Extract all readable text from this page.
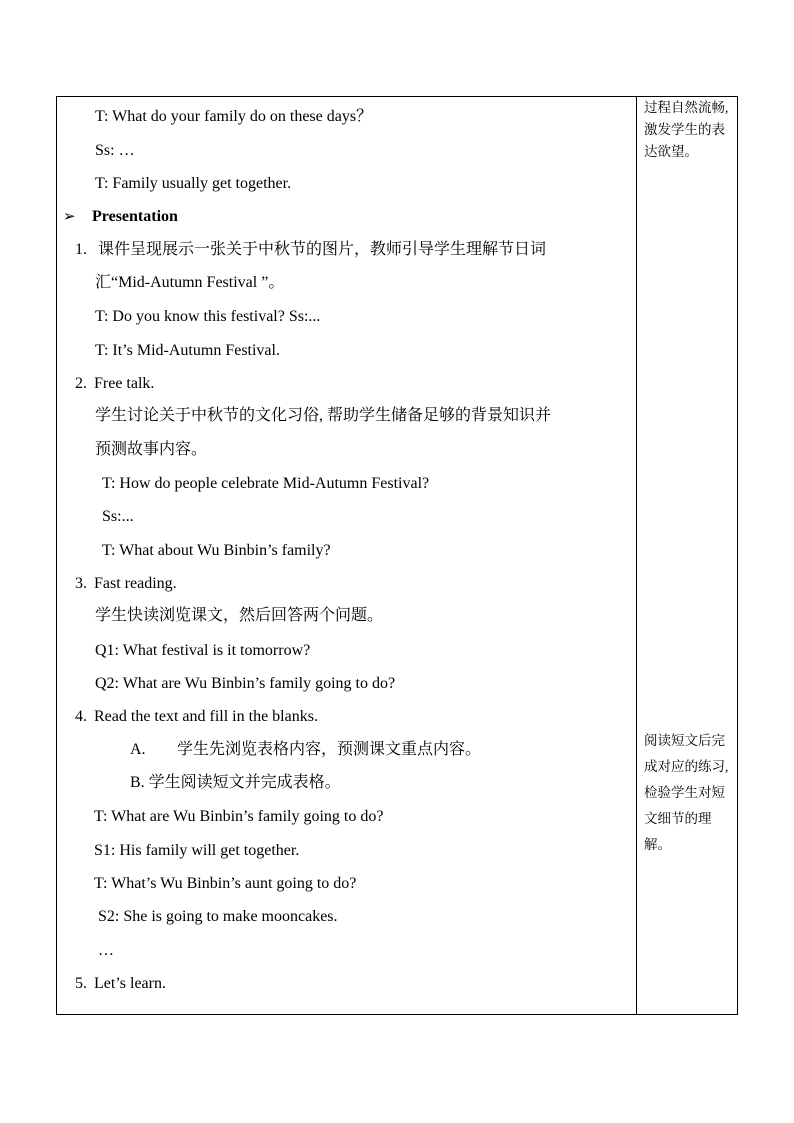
T: What do your family do on these days？
Ss: …
T: Family usually get together.
➢ Presentation
1. 课件呈现展示一张关于中秋节的图片，教师引导学生理解节日词
汇“Mid-Autumn Festival ”。
T: Do you know this festival? Ss:...
T: It’s Mid-Autumn Festival.
2. Free talk.
学生讨论关于中秋节的文化习俗, 帮助学生储备足够的背景知识并
预测故事内容。
T: How do people celebrate Mid-Autumn Festival?
Ss:...
T: What about Wu Binbin’s family?
3. Fast reading.
学生快读浏览课文，然后回答两个问题。
Q1: What festival is it tomorrow?
Q2: What are Wu Binbin’s family going to do?
4. Read the text and fill in the blanks.
A. 学生先浏览表格内容，预测课文重点内容。
B. 学生阅读短文并完成表格。
T: What are Wu Binbin’s family going to do?
S1: His family will get together.
T: What’s Wu Binbin’s aunt going to do?
S2: She is going to make mooncakes.
…
5. Let’s learn.
过程自然流畅,激发学生的表达欲望。
阅读短文后完成对应的练习,检验学生对短文细节的理解。
